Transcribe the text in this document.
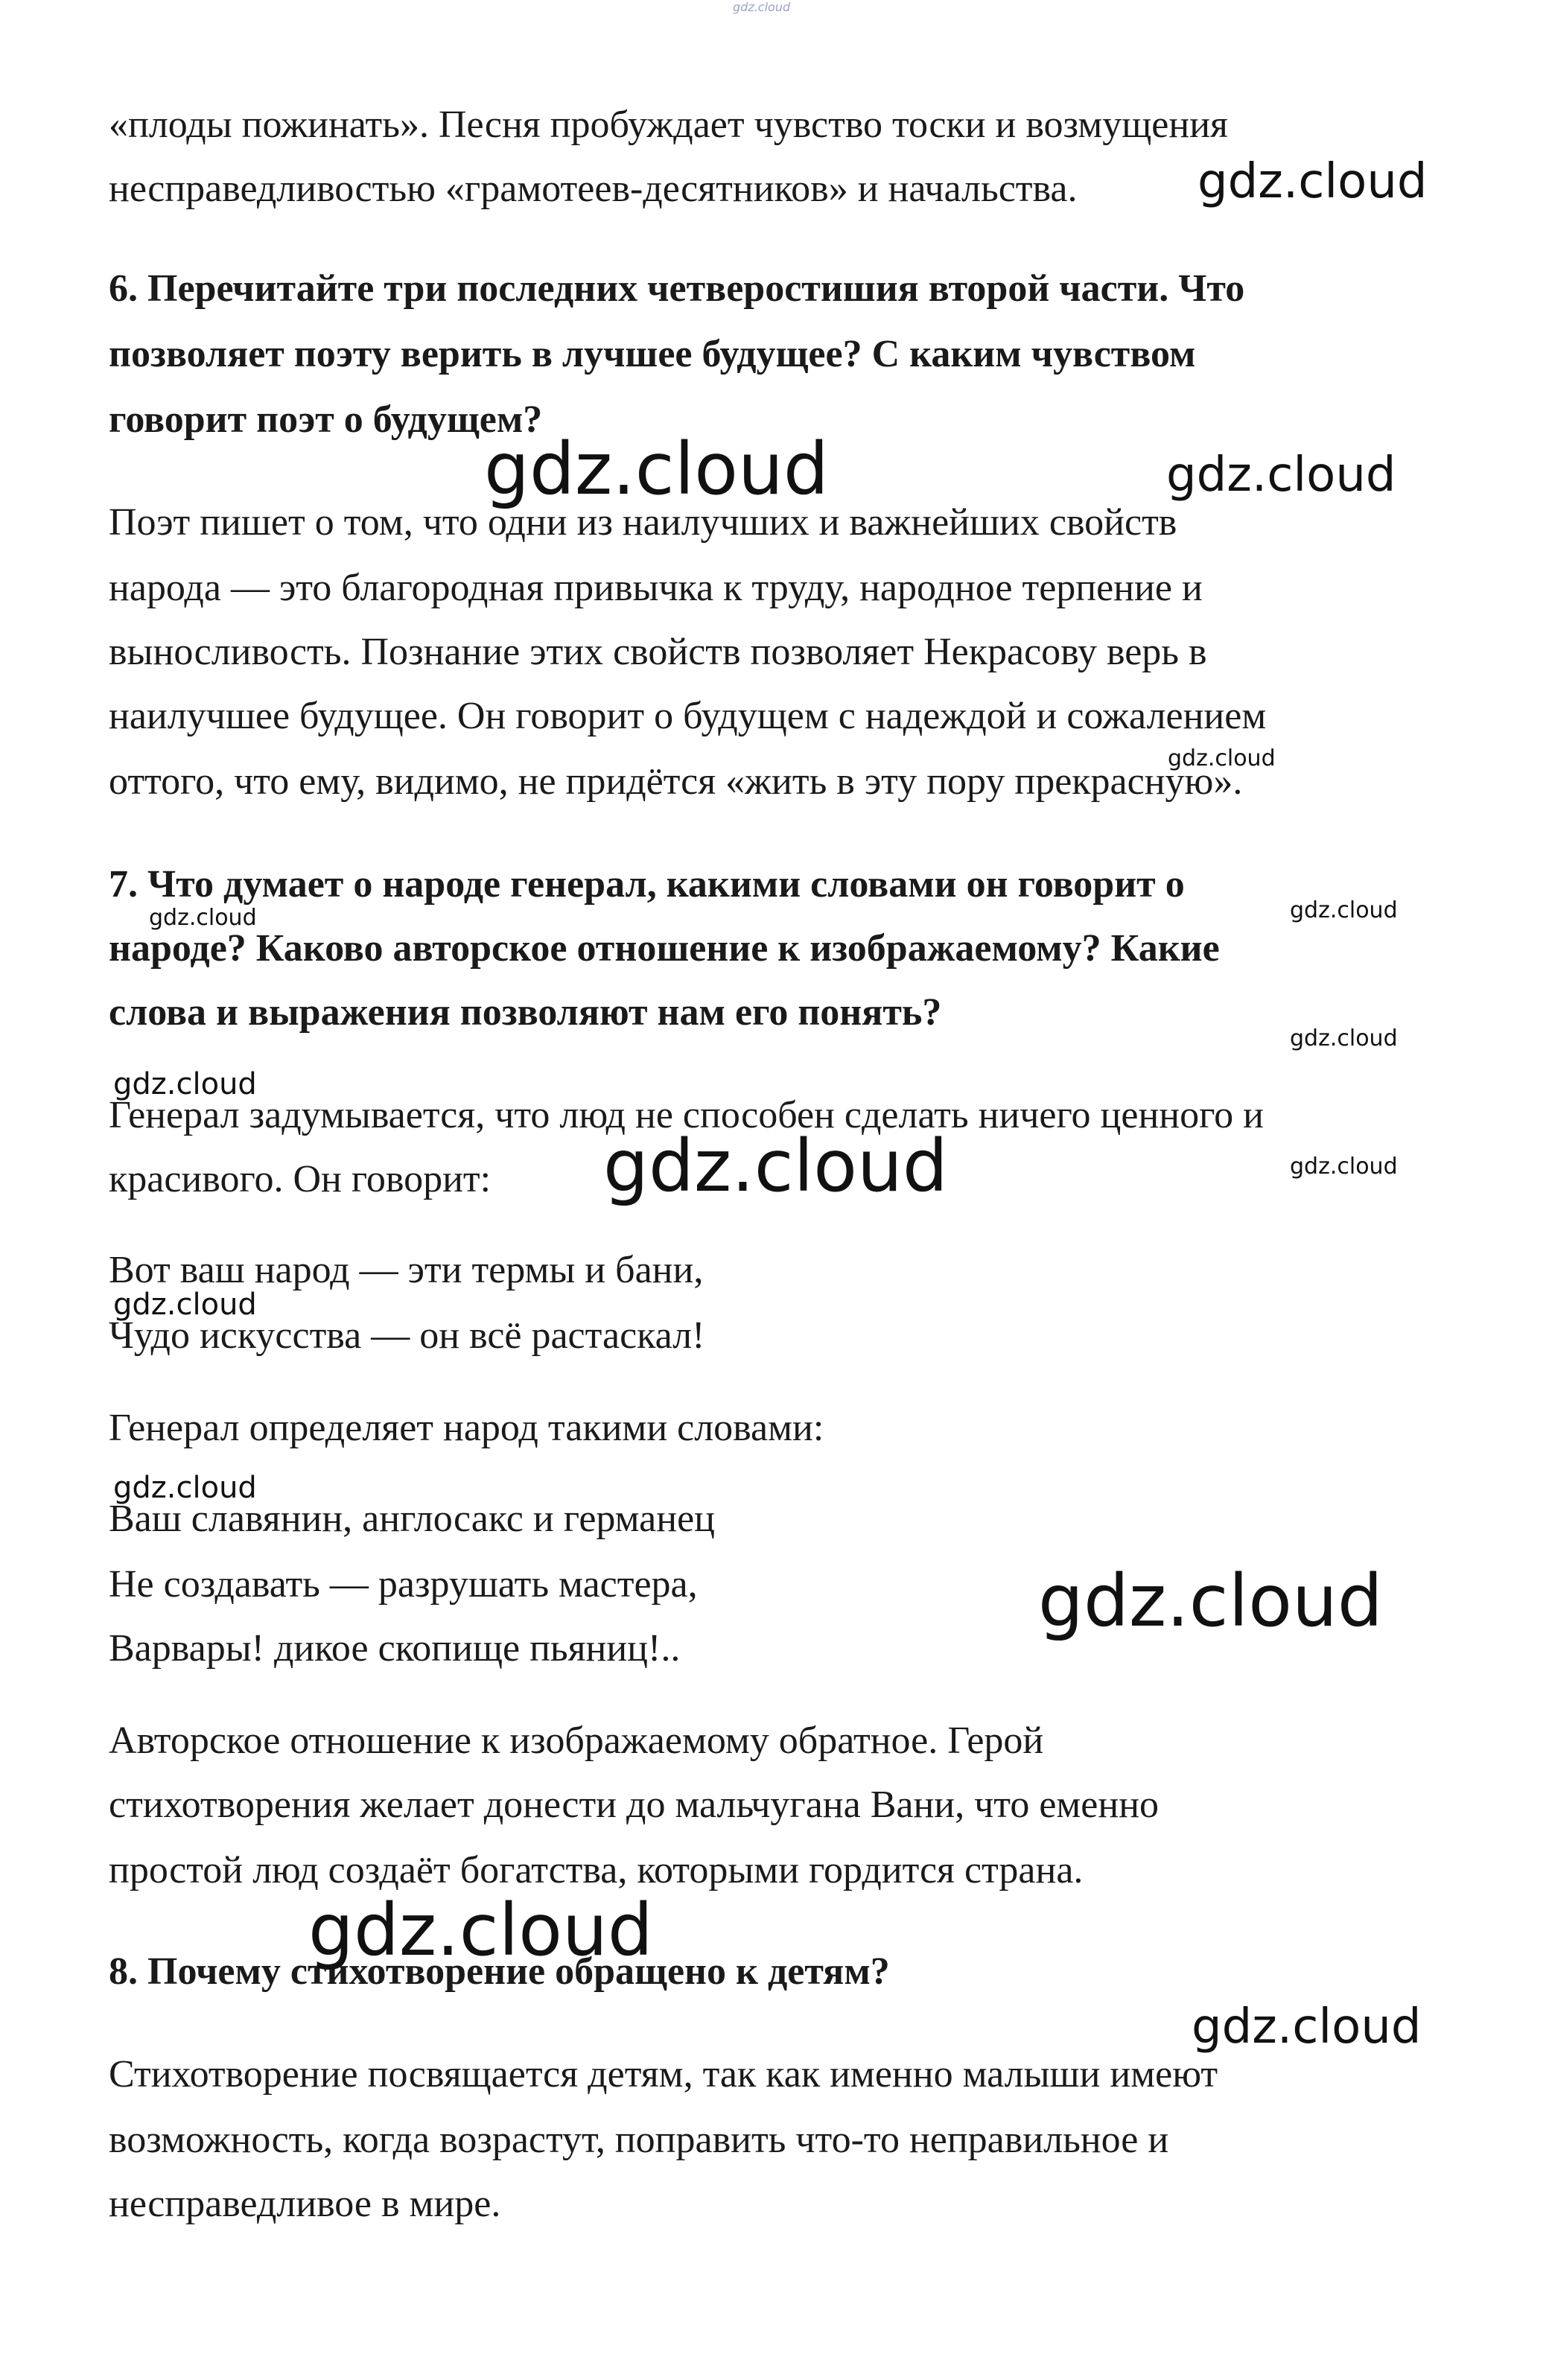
gdz.cloud

«плоды пожинать». Песня пробуждает чувство тоски и возмущения

несправедливостью «грамотеев-десятников» и начальства.

6. Перечитайте три последних четверостишия второй части. Что

позволяет поэту верить в лучшее будущее? С каким чувством

говорит поэт о будущем?

Поэт пишет о том, что одни из наилучших и важнейших свойств

народа — это благородная привычка к труду, народное терпение и

выносливость. Познание этих свойств позволяет Некрасову верь в

наилучшее будущее. Он говорит о будущем с надеждой и сожалением

оттого, что ему, видимо, не придётся «жить в эту пору прекрасную».

7. Что думает о народе генерал, какими словами он говорит о

народе? Каково авторское отношение к изображаемому? Какие

слова и выражения позволяют нам его понять?

Генерал задумывается, что люд не способен сделать ничего ценного и

красивого. Он говорит:

Вот ваш народ — эти термы и бани,

Чудо искусства — он всё растаскал!

Генерал определяет народ такими словами:

Ваш славянин, англосакс и германец

Не создавать — разрушать мастера,

Варвары! дикое скопище пьяниц!..

Авторское отношение к изображаемому обратное. Герой

стихотворения желает донести до мальчугана Вани, что еменно

простой люд создаёт богатства, которыми гордится страна.

8. Почему стихотворение обращено к детям?

Стихотворение посвящается детям, так как именно малыши имеют

возможность, когда возрастут, поправить что-то неправильное и

несправедливое в мире.

gdz.cloud

gdz.cloud	gdz.cloud

gdz.cloud

gdz.cloud	gdz.cloud

gdz.cloud

gdz.cloud

gdz.cloud	gdz.cloud

gdz.cloud

gdz.cloud

gdz.cloud

gdz.cloud

gdz.cloud

gdz.cloud
